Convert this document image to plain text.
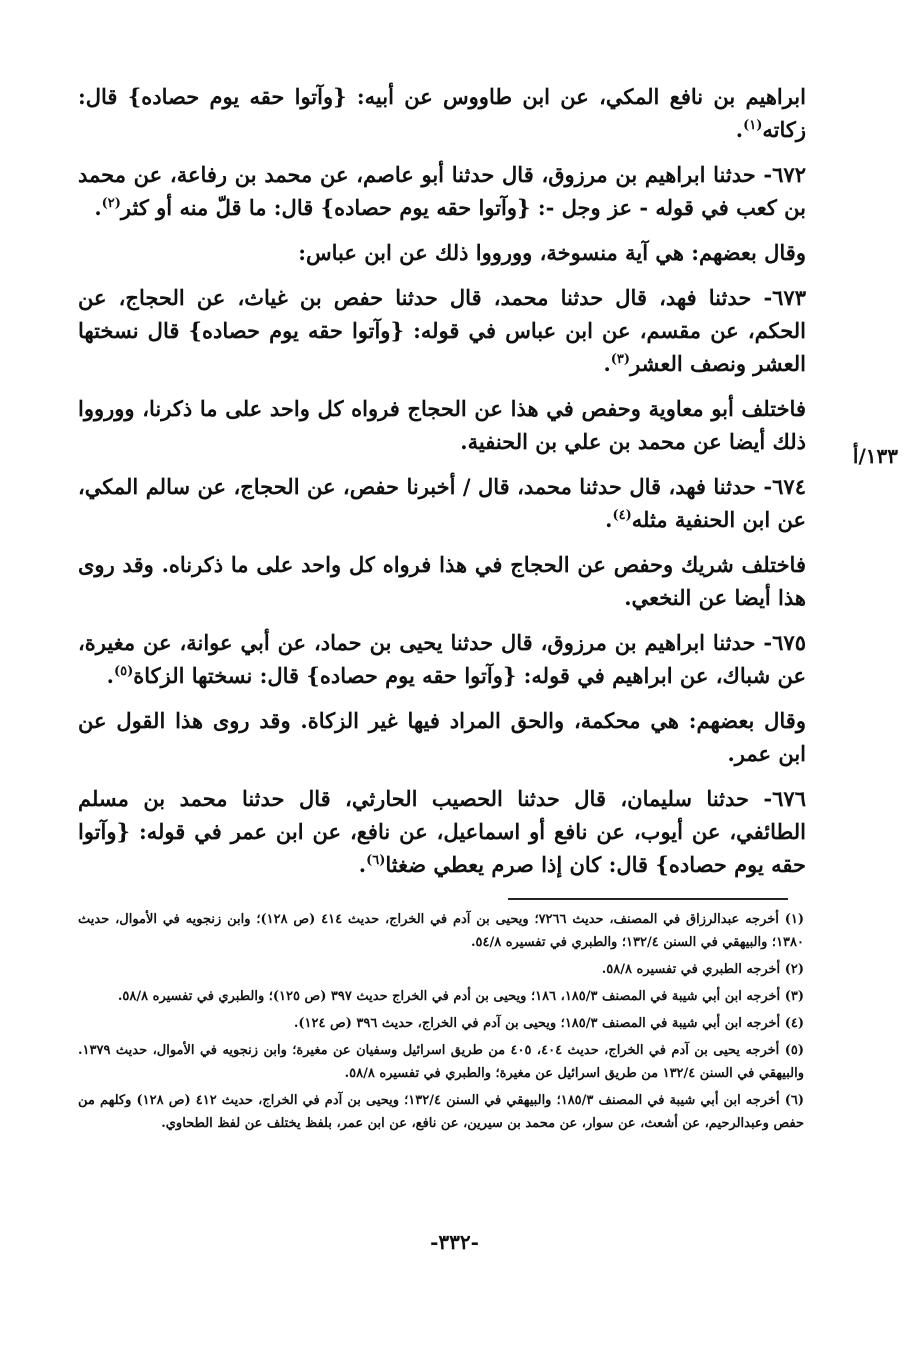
١٣٣/أ

ابراهيم بن نافع المكي، عن ابن طاووس عن أبيه: {وآتوا حقه يوم حصاده} قال: زكاته$^{(١)}$.

٦٧٢- حدثنا ابراهيم بن مرزوق، قال حدثنا أبو عاصم، عن محمد بن رفاعة، عن محمد بن كعب في قوله - عز وجل -: {وآتوا حقه يوم حصاده} قال: ما قلّ منه أو كثر$^{(٢)}$.

وقال بعضهم: هي آية منسوخة، وورووا ذلك عن ابن عباس:

٦٧٣- حدثنا فهد، قال حدثنا محمد، قال حدثنا حفص بن غياث، عن الحجاج، عن الحكم، عن مقسم، عن ابن عباس في قوله: {وآتوا حقه يوم حصاده} قال نسختها العشر ونصف العشر$^{(٣)}$.

فاختلف أبو معاوية وحفص في هذا عن الحجاج فرواه كل واحد على ما ذكرنا، وورووا ذلك أيضا عن محمد بن علي بن الحنفية.

٦٧٤- حدثنا فهد، قال حدثنا محمد، قال / أخبرنا حفص، عن الحجاج، عن سالم المكي، عن ابن الحنفية مثله$^{(٤)}$.

فاختلف شريك وحفص عن الحجاج في هذا فرواه كل واحد على ما ذكرناه. وقد روى هذا أيضا عن النخعي.

٦٧٥- حدثنا ابراهيم بن مرزوق، قال حدثنا يحيى بن حماد، عن أبي عوانة، عن مغيرة، عن شباك، عن ابراهيم في قوله: {وآتوا حقه يوم حصاده} قال: نسختها الزكاة$^{(٥)}$.

وقال بعضهم: هي محكمة، والحق المراد فيها غير الزكاة. وقد روى هذا القول عن ابن عمر.

٦٧٦- حدثنا سليمان، قال حدثنا الحصيب الحارثي، قال حدثنا محمد بن مسلم الطائفي، عن أيوب، عن نافع أو اسماعيل، عن نافع، عن ابن عمر في قوله: {وآتوا حقه يوم حصاده} قال: كان إذا صرم يعطي ضغثا$^{(٦)}$.

(١) أخرجه عبدالرزاق في المصنف، حديث ٧٢٦٦؛ ويحيى بن آدم في الخراج، حديث ٤١٤ (ص ١٢٨)؛ وابن زنجويه في الأموال، حديث ١٣٨٠؛ والبيهقي في السنن ١٣٢/٤؛ والطبري في تفسيره ٥٤/٨.

(٢) أخرجه الطبري في تفسيره ٥٨/٨.

(٣) أخرجه ابن أبي شيبة في المصنف ١٨٥/٣، ١٨٦؛ ويحيى بن أدم في الخراج حديث ٣٩٧ (ص ١٢٥)؛ والطبري في تفسيره ٥٨/٨.

(٤) أخرجه ابن أبي شيبة في المصنف ١٨٥/٣؛ ويحيى بن آدم في الخراج، حديث ٣٩٦ (ص ١٢٤).

(٥) أخرجه يحيى بن آدم في الخراج، حديث ٤٠٤، ٤٠٥ من طريق اسرائيل وسفيان عن مغيرة؛ وابن زنجويه في الأموال، حديث ١٣٧٩. والبيهقي في السنن ١٣٢/٤ من طريق اسرائيل عن مغيرة؛ والطبري في تفسيره ٥٨/٨.

(٦) أخرجه ابن أبي شيبة في المصنف ١٨٥/٣؛ والبيهقي في السنن ١٣٢/٤؛ ويحيى بن آدم في الخراج، حديث ٤١٢ (ص ١٢٨) وكلهم من حفص وعبدالرحيم، عن أشعث، عن سوار، عن محمد بن سيرين، عن نافع، عن ابن عمر، بلفظ يختلف عن لفظ الطحاوي.

-٣٣٢-
